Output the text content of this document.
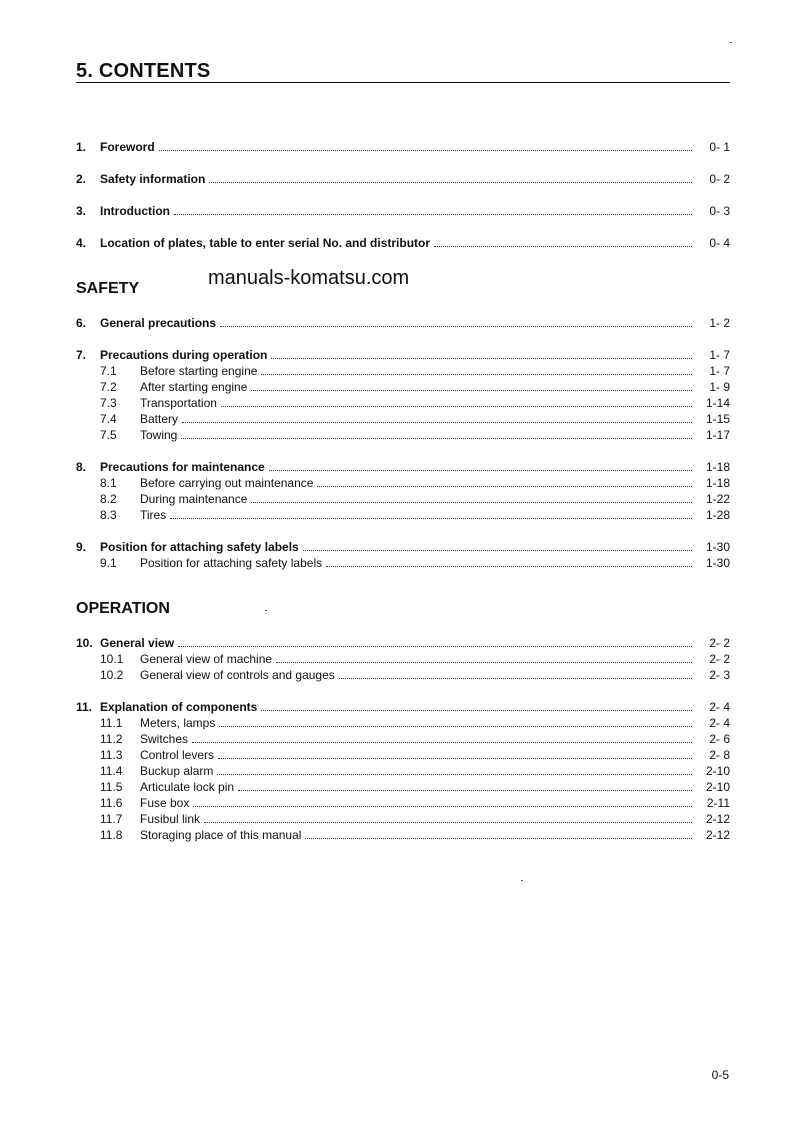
5. CONTENTS
1.	Foreword	0- 1
2.	Safety information	0- 2
3.	Introduction	0- 3
4.	Location of plates, table to enter serial No. and distributor	0- 4
SAFETY	manuals-komatsu.com
6.	General precautions	1- 2
7.	Precautions during operation	1- 7
7.1	Before starting engine	1- 7
7.2	After starting engine	1- 9
7.3	Transportation	1-14
7.4	Battery	1-15
7.5	Towing	1-17
8.	Precautions for maintenance	1-18
8.1	Before carrying out maintenance	1-18
8.2	During maintenance	1-22
8.3	Tires	1-28
9.	Position for attaching safety labels	1-30
9.1	Position for attaching safety labels	1-30
OPERATION
10. General view	2- 2
10.1	General view of machine	2- 2
10.2	General view of controls and gauges	2- 3
11. Explanation of components	2- 4
11.1	Meters, lamps	2- 4
11.2	Switches	2- 6
11.3	Control levers	2- 8
11.4	Buckup alarm	2-10
11.5	Articulate lock pin	2-10
11.6	Fuse box	2-11
11.7	Fusibul link	2-12
11.8	Storaging place of this manual	2-12
0-5
